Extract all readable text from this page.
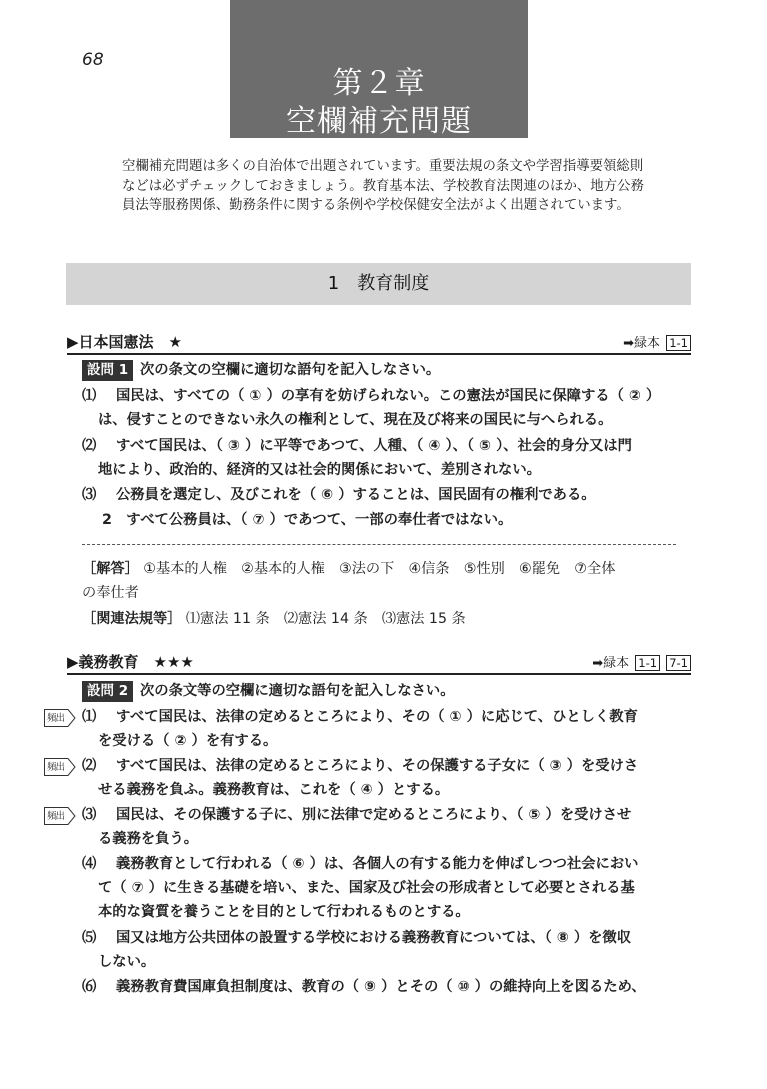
68
第２章
空欄補充問題
空欄補充問題は多くの自治体で出題されています。重要法規の条文や学習指導要領総則などは必ずチェックしておきましょう。教育基本法、学校教育法関連のほか、地方公務員法等服務関係、勤務条件に関する条例や学校保健安全法がよく出題されています。
1　教育制度
▶日本国憲法　★	➡緑本 1-1
設問 1 次の条文の空欄に適切な語句を記入しなさい。
⑴ 国民は、すべての（ ① ）の享有を妨げられない。この憲法が国民に保障する（ ② ）
は、侵すことのできない永久の権利として、現在及び将来の国民に与へられる。
⑵ すべて国民は、（ ③ ）に平等であつて、人種、（ ④ ）、（ ⑤ ）、社会的身分又は門
地により、政治的、経済的又は社会的関係において、差別されない。
⑶ 公務員を選定し、及びこれを（ ⑥ ）することは、国民固有の権利である。
2　すべて公務員は、（ ⑦ ）であつて、一部の奉仕者ではない。
［解答］ ①基本的人権　②基本的人権　③法の下　④信条　⑤性別　⑥罷免　⑦全体
の奉仕者
［関連法規等］ ⑴憲法 11 条　⑵憲法 14 条　⑶憲法 15 条
▶義務教育　★★★	➡緑本 1-1 7-1
設問 2 次の条文等の空欄に適切な語句を記入しなさい。
頻出 ⑴ すべて国民は、法律の定めるところにより、その（ ① ）に応じて、ひとしく教育
を受ける（ ② ）を有する。
頻出 ⑵ すべて国民は、法律の定めるところにより、その保護する子女に（ ③ ）を受けさ
せる義務を負ふ。義務教育は、これを（ ④ ）とする。
頻出 ⑶ 国民は、その保護する子に、別に法律で定めるところにより、（ ⑤ ）を受けさせ
る義務を負う。
⑷ 義務教育として行われる（ ⑥ ）は、各個人の有する能力を伸ばしつつ社会におい
て（ ⑦ ）に生きる基礎を培い、また、国家及び社会の形成者として必要とされる基
本的な資質を養うことを目的として行われるものとする。
⑸ 国又は地方公共団体の設置する学校における義務教育については、（ ⑧ ）を徴収
しない。
⑹ 義務教育費国庫負担制度は、教育の（ ⑨ ）とその（ ⑩ ）の維持向上を図るため、
